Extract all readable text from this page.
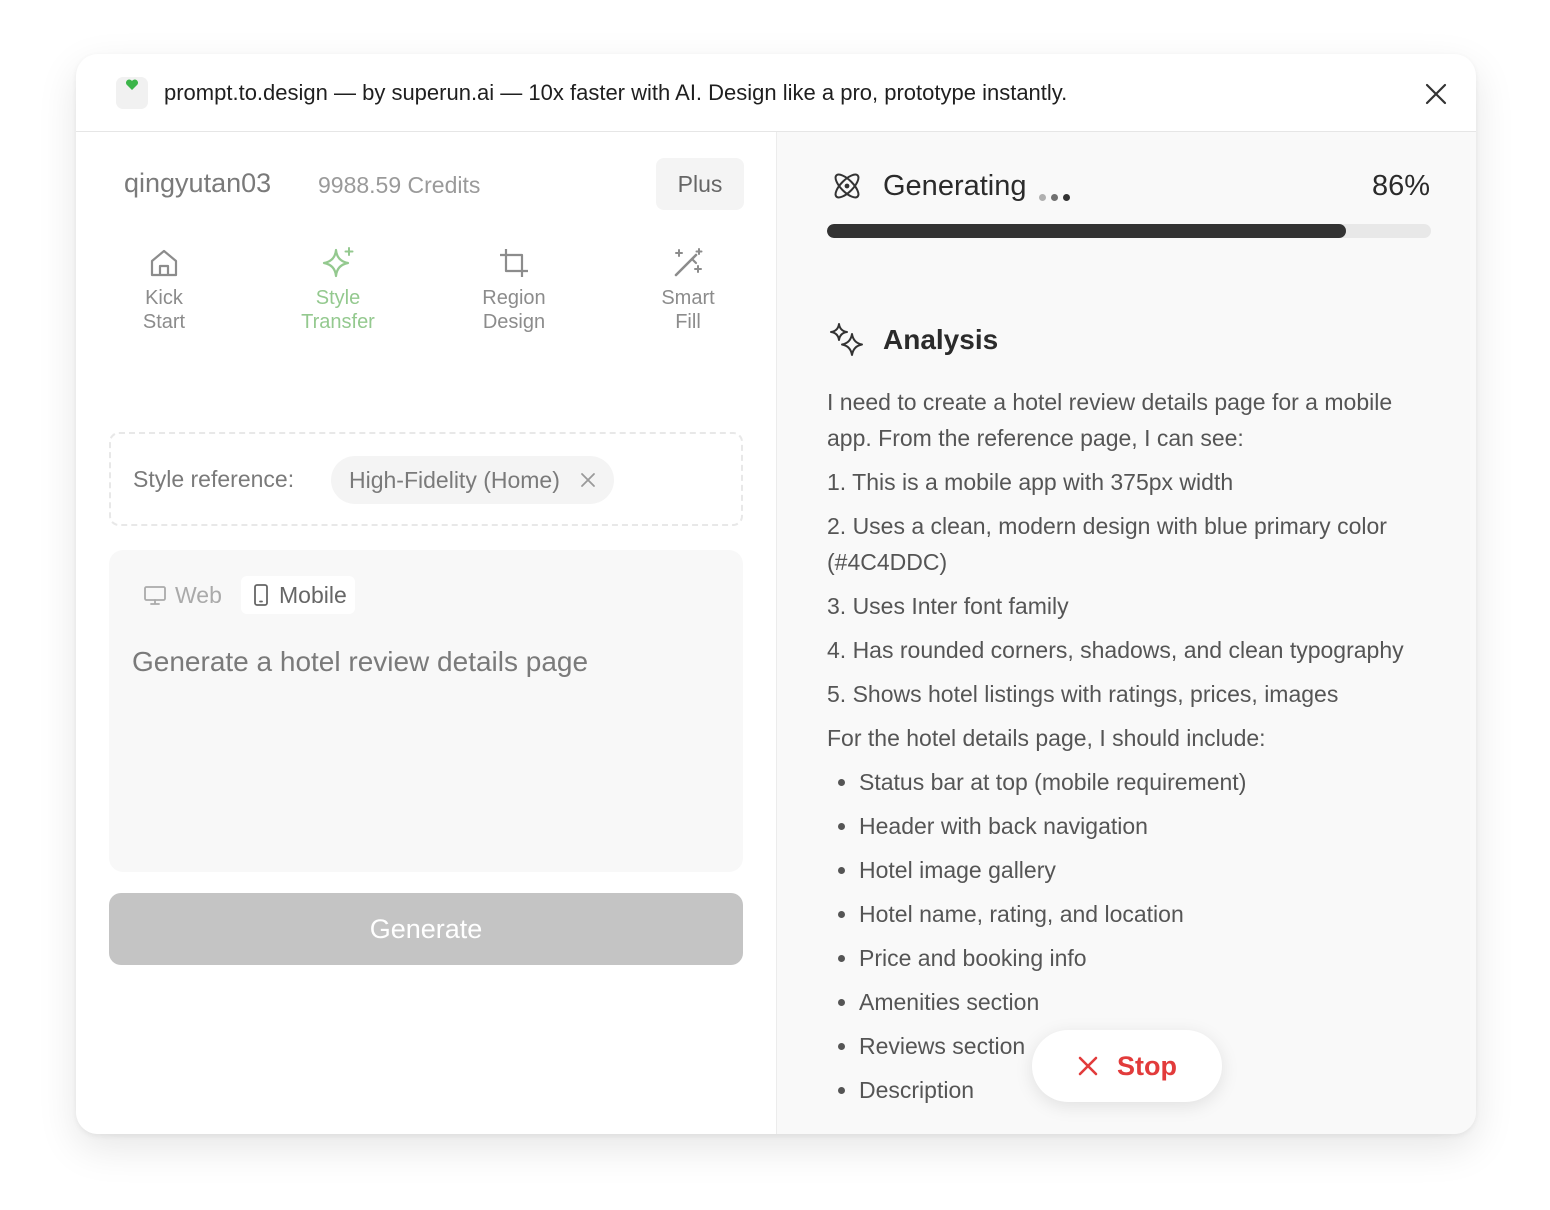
prompt.to.design — by superun.ai — 10x faster with AI. Design like a pro, prototype instantly.
qingyutan03 9988.59 Credits	Plus
Kick
Start
Style
Transfer
Region
Design
Smart
Fill
Style reference: High-Fidelity (Home)
Web Mobile
Generate a hotel review details page
Generate
Generating	86%
Analysis

I need to create a hotel review details page for a mobile app. From the reference page, I can see:

1. This is a mobile app with 375px width

2. Uses a clean, modern design with blue primary color (#4C4DDC)

3. Uses Inter font family

4. Has rounded corners, shadows, and clean typography

5. Shows hotel listings with ratings, prices, images

For the hotel details page, I should include:

• Status bar at top (mobile requirement)
• Header with back navigation
• Hotel image gallery
• Hotel name, rating, and location
• Price and booking info
• Amenities section
• Reviews section
• Description
Stop
